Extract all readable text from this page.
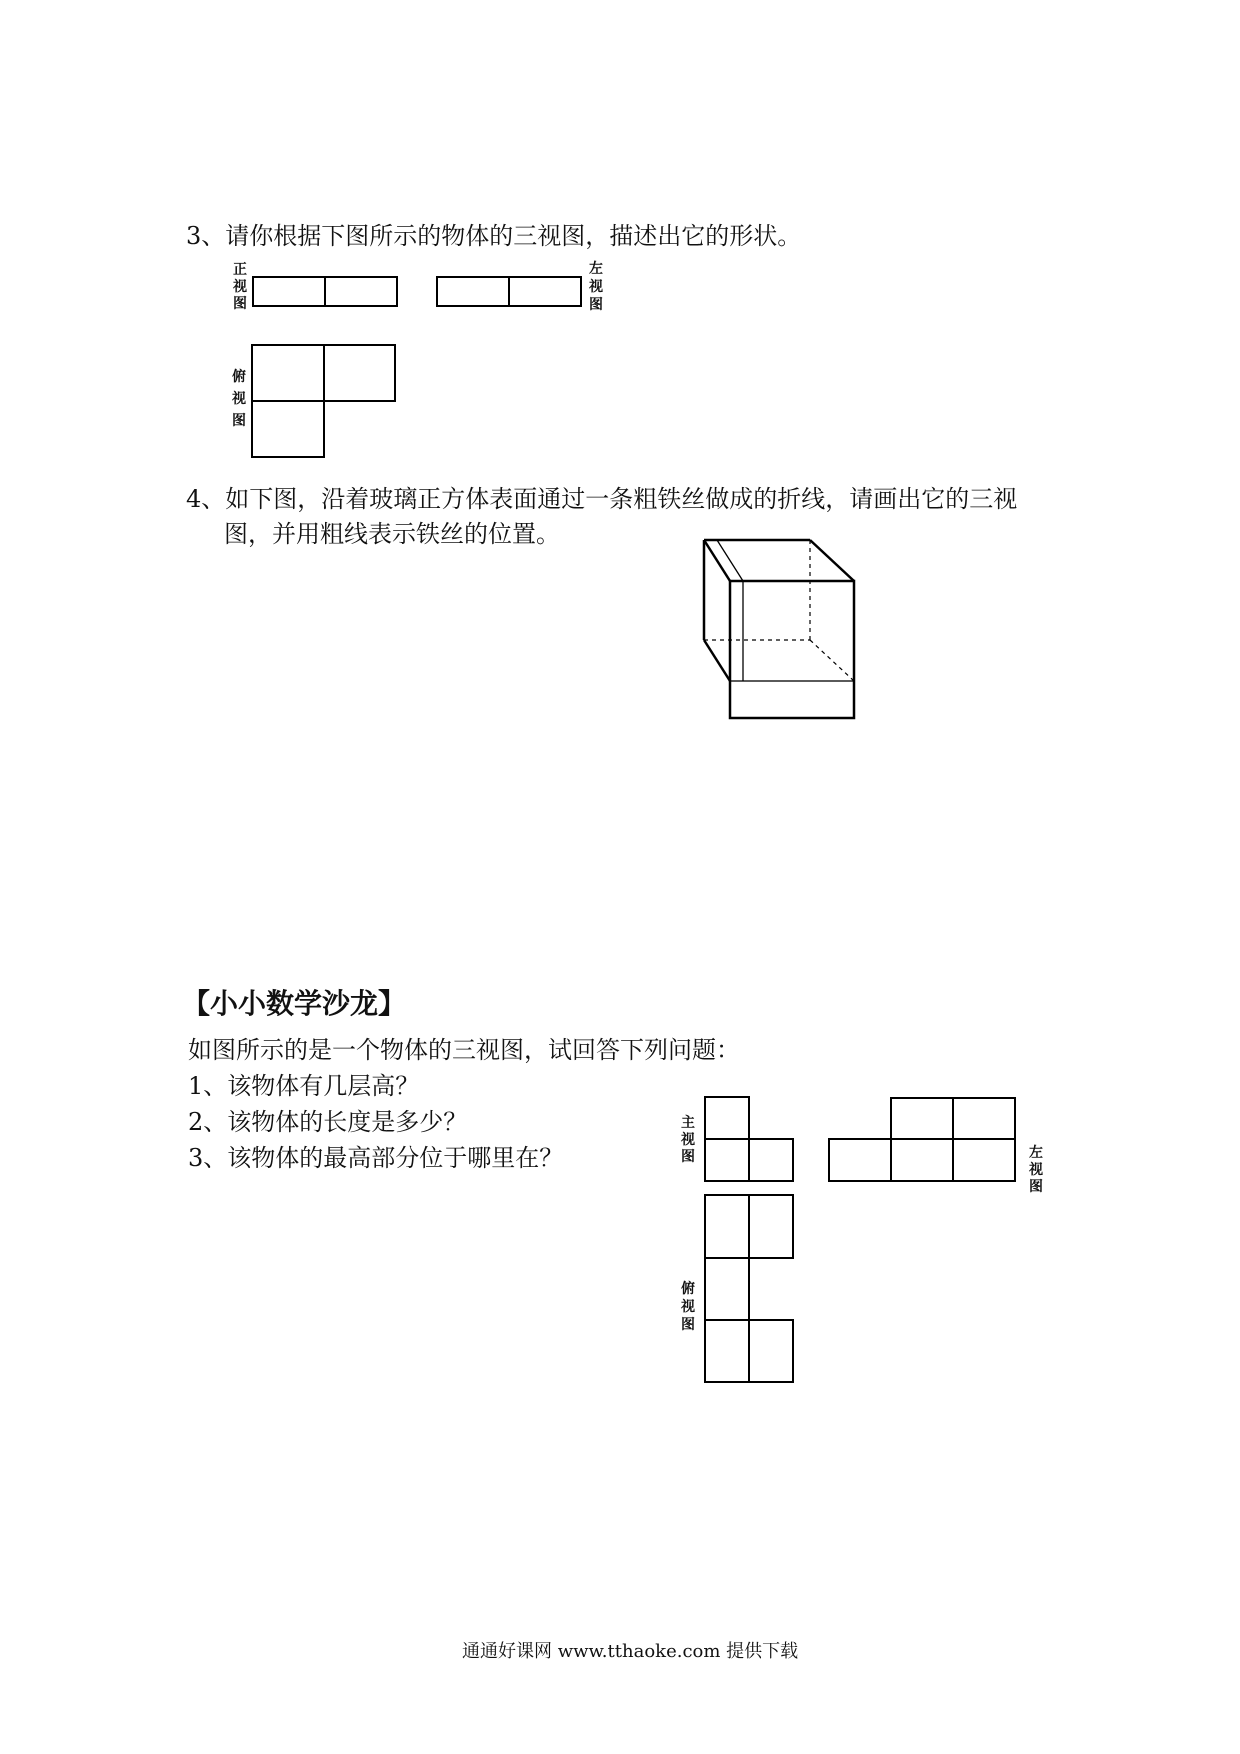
3、请你根据下图所示的物体的三视图，描述出它的形状。
正
视
图
左
视
图
俯
视
图
4、如下图，沿着玻璃正方体表面通过一条粗铁丝做成的折线，请画出它的三视
图，并用粗线表示铁丝的位置。
【小小数学沙龙】
如图所示的是一个物体的三视图，试回答下列问题：
1、该物体有几层高？
2、该物体的长度是多少？
3、该物体的最高部分位于哪里在？
主
视
图	左
视
图
俯
视
图
通通好课网 www.tthaoke.com 提供下载
